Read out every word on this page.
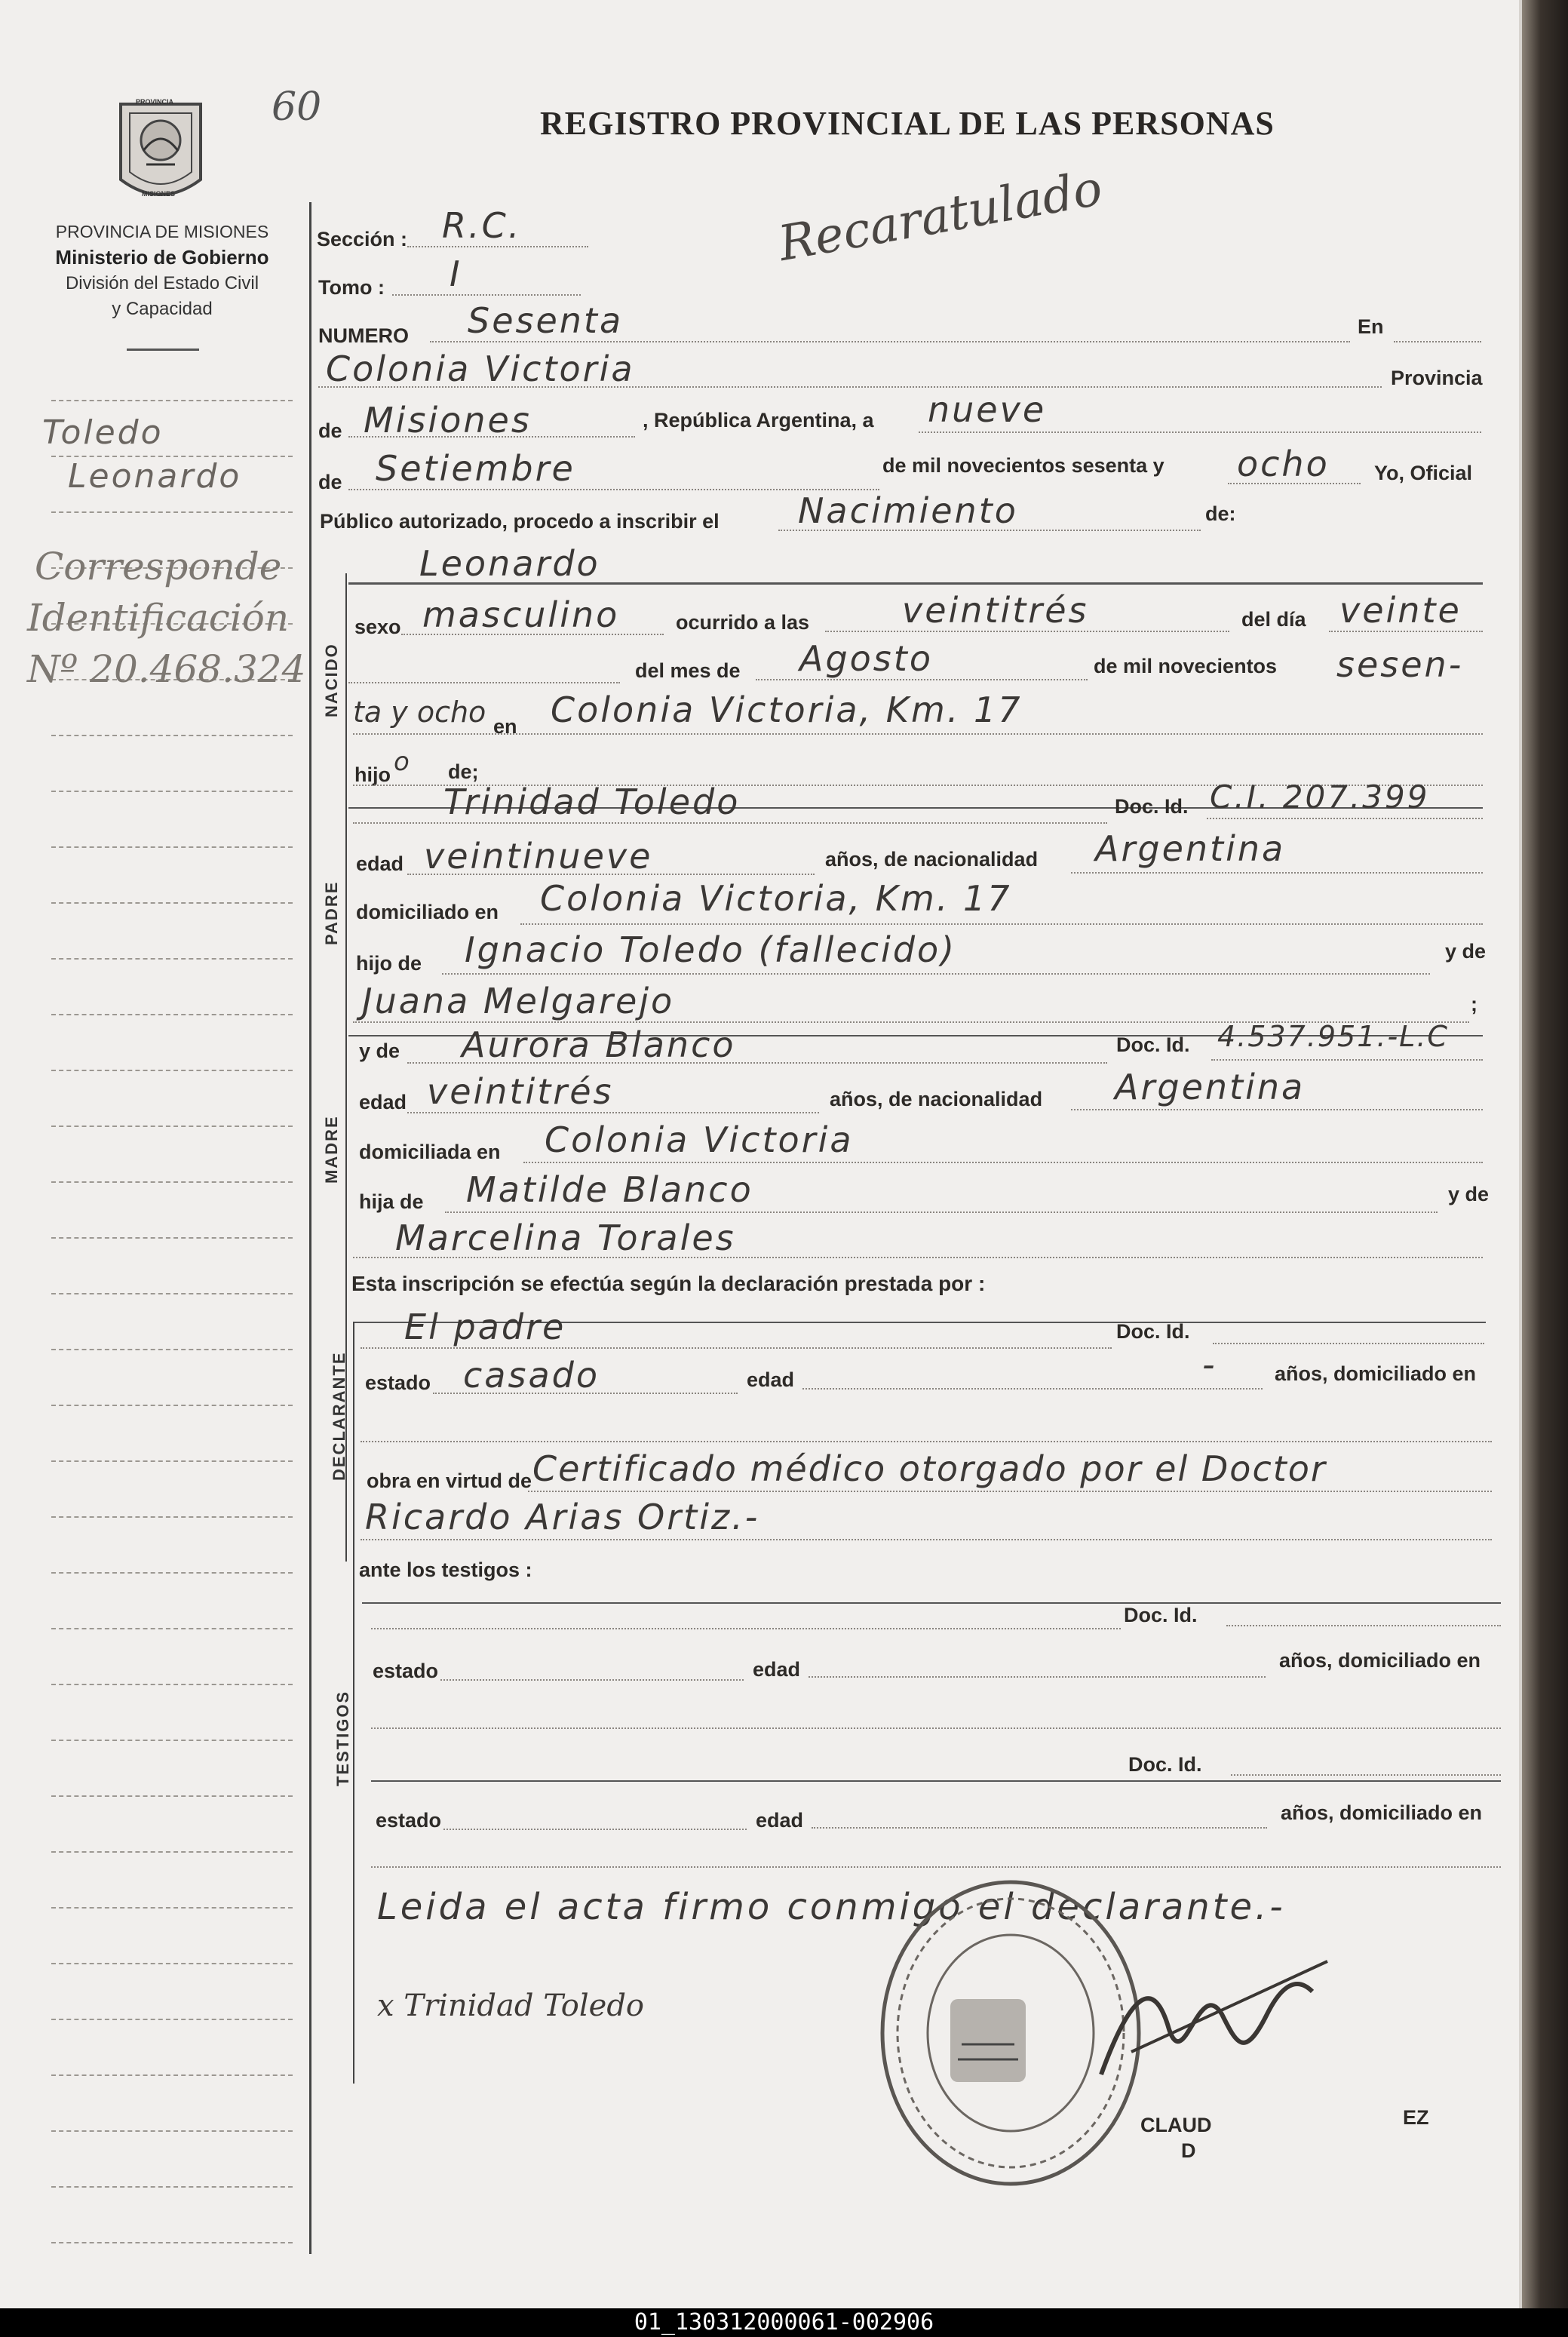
60	REGISTRO PROVINCIAL DE LAS PERSONAS
PROVINCIA
MISIONES
PROVINCIA DE MISIONES
Ministerio de Gobierno
División del Estado Civil
y Capacidad
Toledo
Leonardo
Corresponde
Identificación
Nº 20.468.324
Recaratulado
Sección : R.C.
Tomo : I
NUMERO Sesenta	En
Colonia Victoria	Provincia
de Misiones	, República Argentina, a nueve
de Setiembre	de mil novecientos sesenta y ocho Yo, Oficial
Público autorizado, procedo a inscribir el Nacimiento	de:
Leonardo
NACIDO
PADRE
MADRE
DECLARANTE
TESTIGOS
sexo masculino	ocurrido a las	veintitrés	del día veinte
del mes de Agosto	de mil novecientos sesen-
ta y ocho en Colonia Victoria, Km. 17
hijo o de;
Trinidad Toledo	Doc. Id. C.I. 207.399
edad veintinueve	años, de nacionalidad Argentina
domiciliado en Colonia Victoria, Km. 17
hijo de Ignacio Toledo (fallecido)	y de
Juana Melgarejo	;
y de Aurora Blanco	Doc. Id. 4.537.951.-L.C
edad veintitrés	años, de nacionalidad Argentina
domiciliada en Colonia Victoria
hija de Matilde Blanco	y de
Marcelina Torales
Esta inscripción se efectúa según la declaración prestada por :
El padre	Doc. Id.
estado casado	edad	-	años, domiciliado en
obra en virtud de Certificado médico otorgado por el Doctor
Ricardo Arias Ortiz.-
ante los testigos :
Doc. Id.
estado	edad	años, domiciliado en
Doc. Id.
estado	edad	años, domiciliado en
Leida el acta firmo conmigo el declarante.-
x Trinidad Toledo
CLAUD	EZ
D
01_130312000061-002906
